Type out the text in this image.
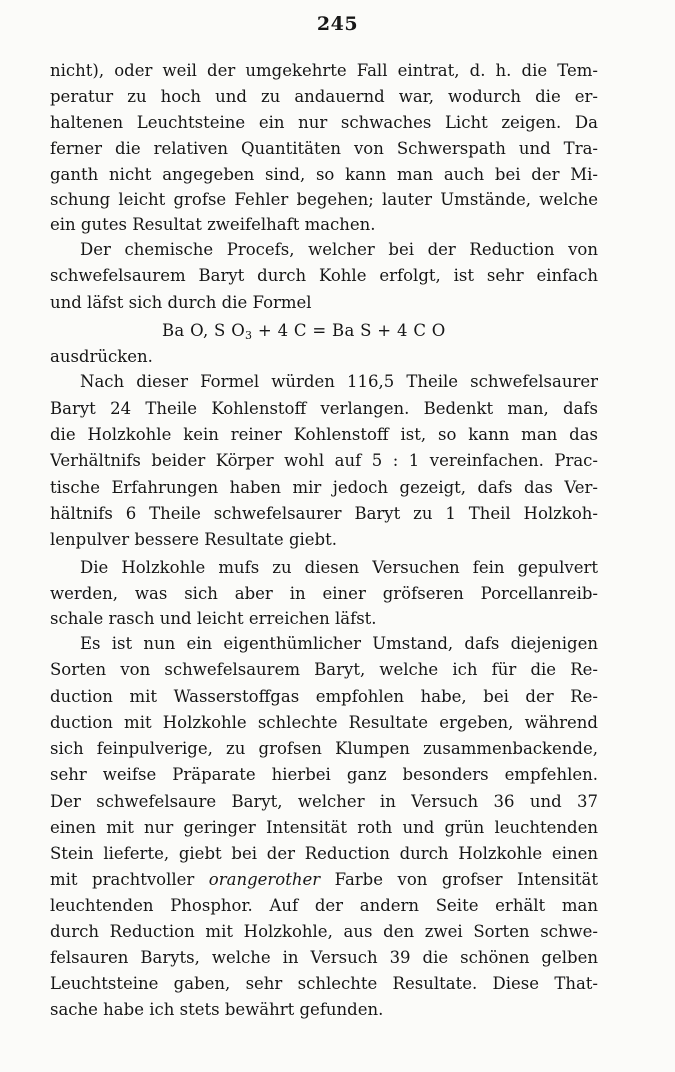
245
nicht), oder weil der umgekehrte Fall eintrat, d. h. die Tem-
peratur zu hoch und zu andauernd war, wodurch die er-
haltenen Leuchtsteine ein nur schwaches Licht zeigen. Da
ferner die relativen Quantitäten von Schwerspath und Tra-
ganth nicht angegeben sind, so kann man auch bei der Mi-
schung leicht grofse Fehler begehen; lauter Umstände, welche
ein gutes Resultat zweifelhaft machen.
Der chemische Procefs, welcher bei der Reduction von
schwefelsaurem Baryt durch Kohle erfolgt, ist sehr einfach
und läfst sich durch die Formel
Ba O, S $O_3 + 4$ C = Ba S + 4 C O
ausdrücken.
Nach dieser Formel würden 116,5 Theile schwefelsaurer
Baryt 24 Theile Kohlenstoff verlangen. Bedenkt man, dafs
die Holzkohle kein reiner Kohlenstoff ist, so kann man das
Verhältnifs beider Körper wohl auf 5 : 1 vereinfachen. Prac-
tische Erfahrungen haben mir jedoch gezeigt, dafs das Ver-
hältnifs 6 Theile schwefelsaurer Baryt zu 1 Theil Holzkoh-
lenpulver bessere Resultate giebt.
Die Holzkohle mufs zu diesen Versuchen fein gepulvert
werden, was sich aber in einer gröfseren Porcellanreib-
schale rasch und leicht erreichen läfst.
Es ist nun ein eigenthümlicher Umstand, dafs diejenigen
Sorten von schwefelsaurem Baryt, welche ich für die Re-
duction mit Wasserstoffgas empfohlen habe, bei der Re-
duction mit Holzkohle schlechte Resultate ergeben, während
sich feinpulverige, zu grofsen Klumpen zusammenbackende,
sehr weifse Präparate hierbei ganz besonders empfehlen.
Der schwefelsaure Baryt, welcher in Versuch 36 und 37
einen mit nur geringer Intensität roth und grün leuchtenden
Stein lieferte, giebt bei der Reduction durch Holzkohle einen
mit prachtvoller orangerother Farbe von grofser Intensität
leuchtenden Phosphor. Auf der andern Seite erhält man
durch Reduction mit Holzkohle, aus den zwei Sorten schwe-
felsauren Baryts, welche in Versuch 39 die schönen gelben
Leuchtsteine gaben, sehr schlechte Resultate. Diese That-
sache habe ich stets bewährt gefunden.
